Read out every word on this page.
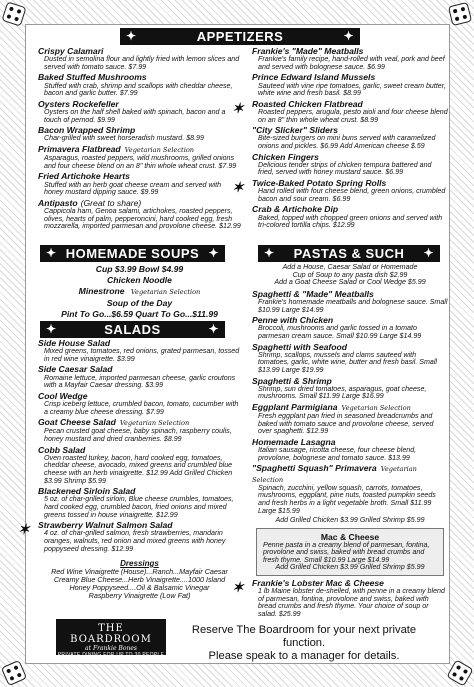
✦ APPETIZERS ✦
Crispy Calamari
Dusted in semolina flour and lightly fried with lemon slices and served with tomato sauce. $7.99
Baked Stuffed Mushrooms
Stuffed with crab, shrimp and scallops with cheddar cheese, bacon and garlic butter. $7.99
Oysters Rockefeller
Oysters on the half shell baked with spinach, bacon and a touch of pernod. $9.99
Bacon Wrapped Shrimp
Char-grilled with sweet horseradish mustard. $8.99
Primavera Flatbread Vegetarian Selection
Asparagus, roasted peppers, wild mushrooms, grilled onions and four cheese blend on an 8" thin whole wheat crust. $7.99
Fried Artichoke Hearts
Stuffed with an herb goat cheese cream and served with honey mustard dipping sauce. $9.99
Antipasto (Great to share)
Cappicola ham, Genoa salami, artichokes, roasted peppers, olives, hearts of palm, pepperoncini, hard cooked egg, fresh mozzarella, imported parmesan and provolone cheese. $12.99
Frankie's "Made" Meatballs
Frankie's family recipe, hand-rolled with veal, pork and beef and served with bolognese sauce. $6.99
Prince Edward Island Mussels
Sauteed with vine ripe tomatoes, garlic, sweet cream butter, white wine and fresh basil. $8.99
Roasted Chicken Flatbread
Roasted peppers, arugula, pesto aioli and four cheese blend on an 8" thin whole wheat crust. $8.99
"City Slicker" Sliders
Bite-sized burgers on mini buns served with caramelized onions and pickles. $6.99 Add American cheese $.59
Chicken Fingers
Delicious tender strips of chicken tempura battered and fried, served with honey mustard sauce. $6.99
Twice-Baked Potato Spring Rolls
Hand rolled with four cheese blend, green onions, crumbled bacon and sour cream. $6.99
Crab & Artichoke Dip
Baked, topped with chopped green onions and served with tri-colored tortilla chips. $12.99
✦ HOMEMADE SOUPS ✦
Cup $3.99 Bowl $4.99
Chicken Noodle
Minestrone Vegetarian Selection
Soup of the Day
Pint To Go...$6.59 Quart To Go...$11.99
✦ SALADS ✦
Side House Salad
Mixed greens, tomatoes, red onions, grated parmesan, tossed in red wine vinaigrette. $3.99
Side Caesar Salad
Romaine lettuce, imported parmesan cheese, garlic croutons with a Mayfair Caesar dressing. $3.99
Cool Wedge
Crisp iceberg lettuce, crumbled bacon, tomato, cucumber with a creamy blue cheese dressing. $7.99
Goat Cheese Salad Vegetarian Selection
Pecan crusted goat cheese, baby spinach, raspberry coulis, honey mustard and dried cranberries. $8.99
Cobb Salad
Oven roasted turkey, bacon, hard cooked egg, tomatoes, cheddar cheese, avocado, mixed greens and crumbled blue cheese with an herb vinaigrette. $12.99 Add Grilled Chicken $3.99 Shrimp $5.99
Blackened Sirloin Salad
5 oz. of char-grilled sirloin, Blue cheese crumbles, tomatoes, hard cooked egg, crumbled bacon, fried onions and mixed greens tossed in house vinaigrette. $12.99
Strawberry Walnut Salmon Salad
4 oz. of char-grilled salmon, fresh strawberries, mandarin oranges, walnuts, red onion and mixed greens with honey poppyseed dressing. $12.99
Dressings
Red Wine Vinaigrette (House)...Ranch...Mayfair Caesar
Creamy Blue Cheese...Herb Vinaigrette....1000 Island
Honey Poppyseed....Oil & Balsamic Vinegar
Raspberry Vinaigrette (Low Fat)
✦ PASTAS & SUCH ✦
Add a House, Caesar Salad or Homemade
Cup of Soup to any pasta dish $2.99
Add a Goat Cheese Salad or Cool Wedge $5.99
Spaghetti & "Made" Meatballs
Frankie's homemade meatballs and bolognese sauce. Small $10.99 Large $14.99
Penne with Chicken
Broccoli, mushrooms and garlic tossed in a tomato parmesan cream sauce. Small $10.99 Large $14.99
Spaghetti with Seafood
Shrimp, scallops, mussels and clams sauteed with tomatoes, garlic, white wine, butter and fresh basil. Small $13.99 Large $19.99
Spaghetti & Shrimp
Shrimp, sun dried tomatoes, asparagus, goat cheese, mushrooms. Small $11.99 Large $16.99
Eggplant Parmigiana Vegetarian Selection
Fresh eggplant pan fried in seasoned breadcrumbs and baked with tomato sauce and provolone cheese, served over spaghetti. $12.99
Homemade Lasagna
Italian sausage, ricotta cheese, four cheese blend, provolone, bolognese and tomato sauce. $13.99
"Spaghetti Squash" Primavera Vegetarian Selection
Spinach, zucchini, yellow squash, carrots, tomatoes, mushrooms, eggplant, pine nuts, toasted pumpkin seeds and fresh herbs in a light vegetable broth. Small $11.99 Large $15.99
Add Grilled Chicken $3.99 Grilled Shrimp $5.99
Mac & Cheese
Penne pasta in a creamy blend of parmesan, fontina, provolone and swiss, baked with bread crumbs and fresh thyme. Small $10.99 Large $14.99
Add Grilled Chicken $3.99 Grilled Shrimp $5.99
Frankie's Lobster Mac & Cheese
1 lb Maine lobster de-shelled, with penne in a creamy blend of parmesan, fontina, provolone and swiss, baked with bread crumbs and fresh thyme. Your choice of soup or salad. $25.99
THE BOARDROOM
at Frankie Bones
PRIVATE DINING FOR UP TO 30 PEOPLE
Reserve The Boardroom for your next private function.
Please speak to a manager for details.
